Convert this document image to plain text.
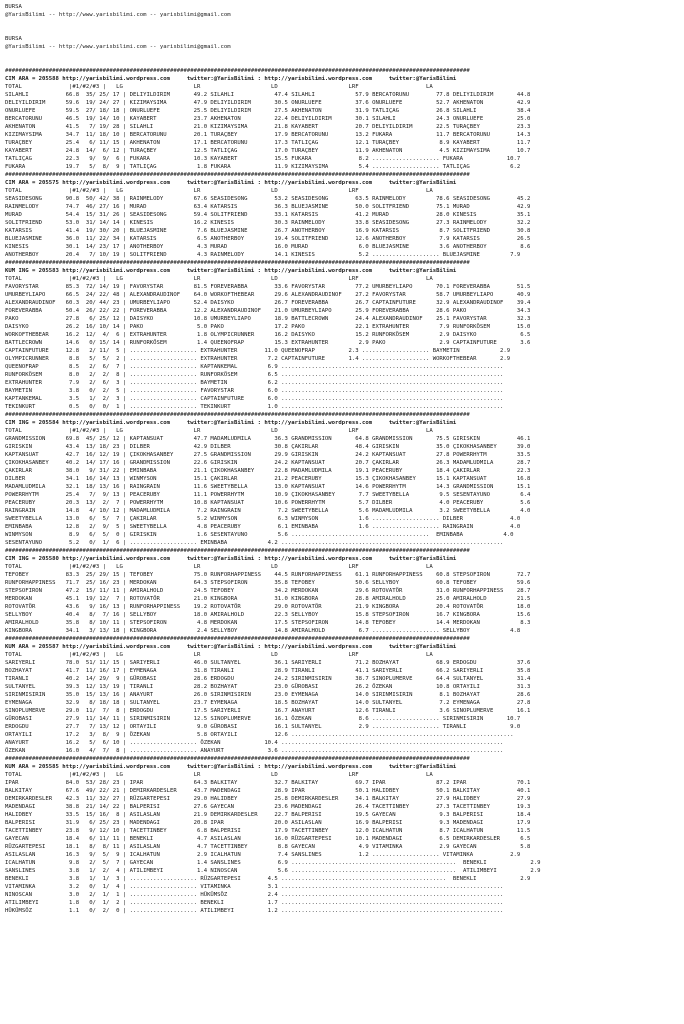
BURSA
@YarisBilimi -- http://www.yarisbilimi.com -- yarisbilimi@gmail.com
BURSA
@YarisBilimi -- http://www.yarisbilimi.com -- yarisbilimi@gmail.com
##########################################################################################################################################
CIM ARA = 205588 http://yarisbilimi.wordpress.com     twitter:@YarisBilimi : http://yarisbilimi.wordpress.com     twitter:@YarisBilimi
TOTAL              |#1/#2/#3 |   LG                     LR                     LD                     LRF                    LA
SILAHLI           66.8  35/ 25/ 17 | DELIYILDIRIM       49.2 SILAHLI            47.4 SILAHLI            57.9 BERCATORUNU        77.8 DELIYILDIRIM       44.8
DELIYILDIRIM      59.6  19/ 24/ 27 | KIZIMAYSIMA        47.9 DELIYILDIRIM       30.5 ONURLUEFE          37.6 ONURLUEFE          52.7 AKHENATON          42.9
ONURLUEFE         59.5  27/ 18/ 18 | ONURLUEFE          25.5 DELIYILDIRIM       27.5 AKHENATON          31.9 TATLIÇAG           26.8 SILAHLI            38.4
BERCATORUNU       46.5  19/ 14/ 10 | KAYABERT           23.7 AKHENATON          22.4 DELIYILDIRIM       30.1 SILAHLI            24.3 ONURLUEFE          25.0
AKHENATON         41.5   7/ 19/ 28 | SILAHLI            21.0 KIZIMAYSIMA        21.8 KAYABERT           20.7 DELIYILDIRIM       22.5 TURAÇBEY           23.3
KIZIMAYSIMA       34.7  11/ 18/ 10 | BERCATORUNU        20.1 TURAÇBEY           17.9 BERCATORUNU        13.2 FUKARA             11.7 BERCATORUNU        14.3
TURAÇBEY          25.4   6/ 11/ 15 | AKHENATON          17.1 BERCATORUNU        17.3 TATLIÇAG           12.1 TURAÇBEY            8.9 KAYABERT           11.7
KAYABERT          24.8  14/  6/ 12 | TURAÇBEY           12.5 TATLIÇAG           17.0 TURAÇBEY           11.9 AKHENATON           4.5 KIZIMAYSIMA        10.7
TATLIÇAG          22.3   9/  9/  6 | FUKARA             10.3 KAYABERT           15.5 FUKARA              8.2 .................... FUKARA             10.7
FUKARA            19.7   5/  8/  9 | TATLIÇAG            1.8 FUKARA             11.9 KIZIMAYSIMA         5.4 .................... TATLIÇAG            6.2
##########################################################################################################################################
CIM ARA = 205575 http://yarisbilimi.wordpress.com     twitter:@YarisBilimi : http://yarisbilimi.wordpress.com     twitter:@YarisBilimi
TOTAL              |#1/#2/#3 |   LG                     LR                     LD                     LRF                    LA
SEASIDESONG       90.8  50/ 42/ 38 | RAINMELODY         67.6 SEASIDESONG        53.2 SEASIDESONG        63.5 RAINMELODY         78.6 SEASIDESONG        45.2
RAINMELODY        74.7  46/ 27/ 16 | MURAD              63.4 KATARSIS           36.3 BLUEJASMINE        50.0 SOLITFRIEND        75.1 MURAD              42.9
MURAD             54.4  15/ 31/ 26 | SEASIDESONG        59.4 SOLITFRIEND        33.1 KATARSIS           41.2 MURAD              28.0 KINESIS            35.1
SOLITFRIEND       53.0  31/ 14/ 14 | KINESIS            16.2 KINESIS            30.3 RAINMELODY         33.8 SEASIDESONG        27.3 RAINMELODY         32.2
KATARSIS          41.4  19/ 30/ 20 | BLUEJASMINE         7.6 BLUEJASMINE        26.7 ANOTHERBOY         16.9 KATARSIS            8.7 SOLITFRIEND        30.8
BLUEJASMINE       36.0  11/ 22/ 34 | KATARSIS            6.5 ANOTHERBOY         19.4 SOLITFRIEND        12.6 ANOTHERBOY          7.9 KATARSIS           26.5
KINESIS           30.1  14/ 23/ 17 | ANOTHERBOY          4.3 MURAD              16.0 MURAD               6.0 BLUEJASMINE         3.6 ANOTHERBOY          8.6
ANOTHERBOY        20.4   7/ 10/ 19 | SOLITFRIEND         4.3 RAINMELODY         14.1 KINESIS             5.2 .................... BLUEJASMINE         7.9
##########################################################################################################################################
KUM ING = 205583 http://yarisbilimi.wordpress.com     twitter:@YarisBilimi : http://yarisbilimi.wordpress.com     twitter:@YarisBilimi
TOTAL              |#1/#2/#3 |   LG                     LR                     LD                     LRF                    LA
FAVORYSTAR        85.3  72/ 14/ 19 | FAVORYSTAR         81.5 FOREVERABBA        33.6 FAVORYSTAR         77.2 UMURBEYLIAPO       70.1 FOREVERABBA        51.5
UMURBEYLIAPO      66.5  24/ 22/ 48 | ALEXANDRAUDINOF    64.0 WORKOFTHEBEAR      29.6 ALEXANDRAUDINOF    27.2 FAVORYSTAR         58.7 UMURBEYLIAPO       40.9
ALEXANDRAUDINOF   60.3  20/ 44/ 23 | UMURBEYLIAPO       52.4 DAISYKO            26.7 FOREVERABBA        26.7 CAPTAINFUTURE      32.9 ALEXANDRAUDINOF    39.4
FOREVERABBA       50.4  26/ 22/ 22 | FOREVERABBA        12.2 ALEXANDRAUDINOF    21.0 UMURBEYLIAPO       25.9 FOREVERABBA        28.6 PAKO               34.3
PAKO              27.8   6/ 25/ 12 | DAISYKO            10.8 UMURBEYLIAPO       18.9 BATTLECROWN        24.4 ALEXANDRAUDINOF    25.1 FAVORYSTAR         32.3
DAISYKO           26.2  16/ 10/ 14 | PAKO                5.0 PAKO               17.2 PAKO               22.1 EXTRAHUNTER         7.9 RUNFORKÖSEM        15.0
WORKOFTHEBEAR     16.2  12/  4/  6 | EXTRAHUNTER         1.8 OLYMPICRUNNER      16.2 DAISYKO            15.2 RUNFORKÖSEM         2.9 DAISYKO             6.5
BATTLECROWN       14.6   0/ 15/ 14 | RUNFORKÖSEM         1.4 QUEENOFRAP         15.3 EXTRAHUNTER         2.9 PAKO                2.9 CAPTAINFUTURE       3.6
CAPTAINFUTURE     12.8   2/ 11/  5 | .................... EXTRAHUNTER        11.0 QUEENOFRAP          2.3 .................... BAYMETIN            2.9
OLYMPICRUNNER      8.8   5/  5/  2 | .................... EXTRAHUNTER         7.2 CAPTAINFUTURE       1.4 .................... WORKOFTHEBEAR       2.9
QUEENOFRAP         8.5   2/  6/  7 | .................... KAPTANKEMAL         6.9 ..................................................................
RUNFORKÖSEM        8.0   2/  2/  8 | .................... RUNFORKÖSEM         6.5 ..................................................................
EXTRAHUNTER        7.9   2/  6/  3 | .................... BAYMETIN            6.2 ..................................................................
BAYMETIN           3.8   0/  2/  5 | .................... FAVORYSTAR          6.0 ..................................................................
KAPTANKEMAL        3.5   1/  2/  3 | .................... CAPTAINFUTURE       6.0 ..................................................................
TEKINKURT          0.5   0/  0/  1 | .................... TEKINKURT           1.0 ..................................................................
##########################################################################################################################################
CIM ING = 205584 http://yarisbilimi.wordpress.com     twitter:@YarisBilimi : http://yarisbilimi.wordpress.com     twitter:@YarisBilimi
TOTAL              |#1/#2/#3 |   LG                     LR                     LD                     LRF                    LA
GRANDMISSION      69.8  45/ 25/ 12 | KAPTANSUAT         47.7 MADAMLUDMILA       36.3 GRANDMISSION       64.8 GRANDMISSION       75.5 GIRISKIN           46.1
GIRISKIN          43.4  13/ 18/ 23 | DILBER             42.9 DILBER             30.8 ÇAKIRLAR           48.4 GIRISKIN           35.0 ÇIKOKHASANBEY      39.0
KAPTANSUAT        42.7  16/ 12/ 19 | ÇIKOKHASANBEY      27.5 GRANDMISSION       29.9 GIRISKIN           24.2 KAPTANSUAT         27.8 POWERRHYTM         33.5
ÇIKOKHASANBEY     40.2  14/ 17/ 16 | GRANDMISSION       22.6 GIRISKIN           24.2 KAPTANSUAT         20.7 ÇAKIRLAR           26.3 MADAMLUDMILA       28.7
ÇAKIRLAR          38.0   9/ 31/ 22 | EMINBABA           21.1 ÇIKOKHASANBEY      22.8 MADAMLUDMILA       19.1 PEACERUBY          18.4 ÇAKIRLAR           22.3
DILBER            34.1  16/ 14/ 13 | WINMYSON           15.1 ÇAKIRLAR           21.2 PEACERUBY          15.3 ÇIKOKHASANBEY      15.1 KAPTANSUAT         16.8
MADAMLUDMILA      32.1  18/ 13/ 16 | RAINGRAIN          11.6 SWEETYBELLA        13.0 KAPTANSUAT         14.6 POWERRHYTM         14.3 GRANDMISSION       15.1
POWERRHYTM        25.4   7/  9/ 13 | PEACERUBY          11.1 POWERRHYTM         10.9 ÇIKOKHASANBEY       7.7 SWEETYBELLA         9.5 SESENTAYUNO         6.4
PEACERUBY         20.3  13/  2/  7 | POWERRHYTM         10.8 KAPTANSUAT         10.6 POWERRHYTM          5.7 DILBER              4.0 PEACERUBY           5.6
RAINGRAIN         14.8   4/ 10/ 12 | MADAMLUDMILA        7.2 RAINGRAIN           7.2 SWEETYBELLA         5.6 MADAMLUDMILA        3.2 SWEETYBELLA         4.0
SWEETYBELLA       13.0   6/  5/  7 | ÇAKIRLAR            5.2 WINMYSON            6.3 WINMYSON            1.6 .................... DILBER              4.0
EMINBABA          12.8   2/  9/  5 | SWEETYBELLA         4.8 PEACERUBY           6.1 EMINBABA            1.6 .................... RAINGRAIN           4.0
WINMYSON           8.9   6/  5/  0 | GIRISKIN            1.6 SESENTAYUNO         5.6 .........................................  EMINBABA            4.0
SESENTAYUNO        5.2   0/  1/  6 | .................... EMINBABA            4.2 ..................................................................
##########################################################################################################################################
CIM ING = 205580 http://yarisbilimi.wordpress.com     twitter:@YarisBilimi : http://yarisbilimi.wordpress.com     twitter:@YarisBilimi
TOTAL              |#1/#2/#3 |   LG                     LR                     LD                     LRF                    LA
TEFOBEY           83.3  25/ 29/ 15 | TEFOBEY            75.0 RUNFORHAPPINESS    44.5 RUNFORHAPPINESS    61.1 RUNFORHAPPINESS    60.8 STEPSOFIRON        72.7
RUNFORHAPPINESS   71.7  25/ 16/ 23 | MERDOKAN           64.3 STEPSOFIRON        35.8 TEFOBEY            50.6 SELLYBOY           60.8 TEFOBEY            59.6
STEPSOFIRON       47.2  15/ 11/ 11 | AMIRALHOLD         24.5 TEFOBEY            34.2 MERDOKAN           29.6 ROTOVATÖR          31.0 RUNFORHAPPINESS    28.7
MERDOKAN          45.1  19/ 12/  7 | ROTOVATÖR          21.0 KINGBORA           31.0 KINGBORA           28.8 AMIRALHOLD         25.0 AMIRALHOLD         21.5
ROTOVATÖR         43.6   9/ 16/ 13 | RUNFORHAPPINESS    19.2 ROTOVATÖR          29.0 ROTOVATÖR          21.9 KINGBORA           20.4 ROTOVATÖR          18.0
SELLYBOY          40.4   8/  7/ 16 | SELLYBOY           18.0 AMIRALHOLD         22.3 SELLYBOY           15.8 STEPSOFIRON        16.7 KINGBORA           15.6
AMIRALHOLD        35.8   8/ 10/ 11 | STEPSOFIRON         4.8 MERDOKAN           17.5 STEPSOFIRON        14.8 TEFOBEY            14.4 MERDOKAN            8.3
KINGBORA          34.1   3/ 13/ 18 | KINGBORA            2.4 SELLYBOY           14.8 AMIRALHOLD          6.7 .................... SELLYBOY            4.8
##########################################################################################################################################
KUM ARA = 205587 http://yarisbilimi.wordpress.com     twitter:@YarisBilimi : http://yarisbilimi.wordpress.com     twitter:@YarisBilimi
TOTAL              |#1/#2/#3 |   LG                     LR                     LD                     LRF                    LA
SARIYERLI         78.0  51/ 11/ 15 | SARIYERLI          46.0 SULTANYEL          36.1 SARIYERLI          71.2 BOZHAYAT           68.9 ERDOGDU            37.6
BOZHAYAT          41.7  11/ 16/ 17 | EYMENAGA           31.8 TIRANLI            28.9 TIRANLI            41.1 SARIYERLI          66.2 SARIYERLI          35.8
TIRANLI           40.2  14/ 29/  9 | GÜROBASI           28.6 ERDOGDU            24.2 SIRINMISIRIN       38.7 SINOPLUMERVE       64.4 SULTANYEL          31.4
SULTANYEL         39.3  12/ 13/ 19 | TIRANLI            28.2 BOZHAYAT           23.0 GÜROBASI           26.2 ÖZEKAN             10.8 ORTAYILI           31.3
SIRINMISIRIN      35.0  15/ 13/ 16 | ANAYURT            26.0 SIRINMISIRIN       23.0 EYMENAGA           14.0 SIRINMISIRIN        8.1 BOZHAYAT           28.6
EYMENAGA          32.9   8/ 18/ 18 | SULTANYEL          23.7 EYMENAGA           18.5 BOZHAYAT           14.0 SULTANYEL           7.2 EYMENAGA           27.8
SINOPLUMERVE      29.0  11/  7/  8 | ERDOGDU            17.5 SARIYERLI          16.7 ANAYURT            12.6 TIRANLI             3.6 SINOPLUMERVE       16.1
GÜROBASI          27.9  11/ 14/ 11 | SIRINMISIRIN       12.5 SINOPLUMERVE       16.1 ÖZEKAN              8.6 .................... SIRINMISIRIN       10.7
ERDOGDU           27.7   7/ 13/ 12 | ORTAYILI            9.0 GÜROBASI           16.1 SULTANYEL           2.9 .................... TIRANLI             9.0
ORTAYILI          17.2   3/  8/  9 | ÖZEKAN              5.8 ORTAYILI           12.6 ..................................................................
ANAYURT           16.2   5/  6/ 10 | .................... ÖZEKAN             10.4 ..................................................................
ÖZEKAN            16.0   4/  7/  8 | .................... ANAYURT             3.6 ..................................................................
##########################################################################################################################################
KUM ARA = 205585 http://yarisbilimi.wordpress.com     twitter:@YarisBilimi : http://yarisbilimi.wordpress.com     twitter:@YarisBilimi
TOTAL              |#1/#2/#3 |   LG                     LR                     LD                     LRF                    LA
IPAR              84.0  53/ 28/ 23 | IPAR               64.3 BALKITAY           32.7 BALKITAY           69.7 IPAR               87.2 IPAR               70.1
BALKITAY          67.6  49/ 22/ 21 | DEMIRKARDESLER     43.7 MADENDAGI          28.9 IPAR               50.1 HALIDBEY           50.1 BALKITAY           40.1
DEMIRKARDESLER    42.3  11/ 32/ 27 | RÜZGARTEPESI       29.0 HALIDBEY           25.8 DEMIRKARDESLER     34.1 BALKITAY           27.9 HALIDBEY           27.9
MADENDAGI         38.8  21/ 14/ 22 | BALPERISI          27.6 GAYECAN            23.6 MADENDAGI          26.4 TACETTINBEY        27.3 TACETTINBEY        19.3
HALIDBEY          33.5  15/ 16/  8 | ASILASLAN          21.9 DEMIRKARDESLER     22.7 BALPERISI          19.5 GAYECAN             9.3 BALPERISI          18.4
BALPERISI         31.9   6/ 25/ 23 | MADENDAGI          20.8 IPAR               20.0 ASILASLAN          16.9 BALPERISI           9.3 MADENDAGI          17.9
TACETTINBEY       23.8   9/ 12/ 10 | TACETTINBEY         6.8 BALPERISI          17.9 TACETTINBEY        12.0 ICALHATUN           8.7 ICALHATUN          11.5
GAYECAN           18.4   6/ 11/ 11 | BENEKLI             4.7 ASILASLAN          16.0 RÜZGARTEPESI       10.1 MADENDAGI           6.5 DEMIRKARDESLER      6.5
RÜZGARTEPESI      18.1   8/  8/ 11 | ASILASLAN           4.7 TACETTINBEY         8.8 GAYECAN             4.9 VITAMINKA           2.9 GAYECAN             5.8
ASILASLAN         16.3   9/  5/  9 | ICALHATUN           2.9 ICALHATUN           7.4 SANSLINES           1.2 .................... VITAMINKA           2.9
ICALHATUN          9.8   2/  5/  7 | GAYECAN             1.4 SANSLINES           6.9 .................................................  BENEKLI             2.9
SANSLINES          3.8   1/  2/  4 | ATILIMBEYI          1.4 NINOSCAN            5.6 .................................................  ATILIMBEYI          2.9
BENEKLI            3.8   1/  1/  3 | .................... RÜZGARTEPESI        4.5 .................................................  BENEKLI             2.9
VITAMINKA          3.2   0/  1/  4 | .................... VITAMINKA           3.1 ..................................................................
NINOSCAN           3.0   2/  1/  1 | .................... HÜKÜMSÖZ            2.4 ..................................................................
ATILIMBEYI         1.8   0/  1/  2 | .................... BENEKLI             1.7 ..................................................................
HÜKÜMSÖZ           1.1   0/  2/  0 | .................... ATILIMBEYI          1.2 ..................................................................
